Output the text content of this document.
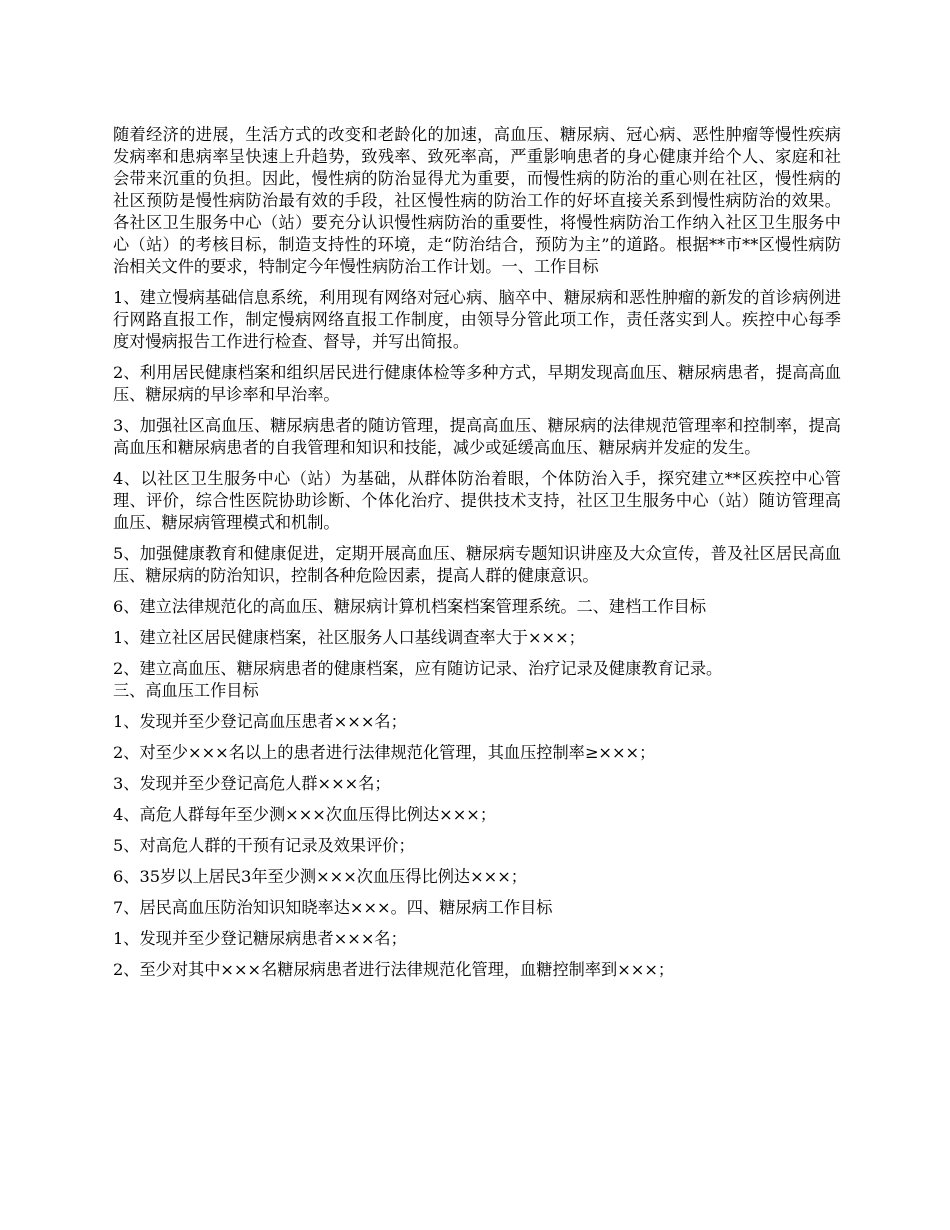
随着经济的进展，生活方式的改变和老龄化的加速，高血压、糖尿病、冠心病、恶性肿瘤等慢性疾病发病率和患病率呈快速上升趋势，致残率、致死率高，严重影响患者的身心健康并给个人、家庭和社会带来沉重的负担。因此，慢性病的防治显得尤为重要，而慢性病的防治的重心则在社区，慢性病的社区预防是慢性病防治最有效的手段，社区慢性病的防治工作的好坏直接关系到慢性病防治的效果。各社区卫生服务中心（站）要充分认识慢性病防治的重要性，将慢性病防治工作纳入社区卫生服务中心（站）的考核目标，制造支持性的环境，走“防治结合，预防为主”的道路。根据**市**区慢性病防治相关文件的要求，特制定今年慢性病防治工作计划。一、工作目标

1、建立慢病基础信息系统，利用现有网络对冠心病、脑卒中、糖尿病和恶性肿瘤的新发的首诊病例进行网路直报工作，制定慢病网络直报工作制度，由领导分管此项工作，责任落实到人。疾控中心每季度对慢病报告工作进行检查、督导，并写出简报。

2、利用居民健康档案和组织居民进行健康体检等多种方式，早期发现高血压、糖尿病患者，提高高血压、糖尿病的早诊率和早治率。

3、加强社区高血压、糖尿病患者的随访管理，提高高血压、糖尿病的法律规范管理率和控制率，提高高血压和糖尿病患者的自我管理和知识和技能，减少或延缓高血压、糖尿病并发症的发生。

4、以社区卫生服务中心（站）为基础，从群体防治着眼，个体防治入手，探究建立**区疾控中心管理、评价，综合性医院协助诊断、个体化治疗、提供技术支持，社区卫生服务中心（站）随访管理高血压、糖尿病管理模式和机制。

5、加强健康教育和健康促进，定期开展高血压、糖尿病专题知识讲座及大众宣传，普及社区居民高血压、糖尿病的防治知识，控制各种危险因素，提高人群的健康意识。

6、建立法律规范化的高血压、糖尿病计算机档案档案管理系统。二、建档工作目标

1、建立社区居民健康档案，社区服务人口基线调查率大于×××；

2、建立高血压、糖尿病患者的健康档案，应有随访记录、治疗记录及健康教育记录。

三、高血压工作目标

1、发现并至少登记高血压患者×××名；

2、对至少×××名以上的患者进行法律规范化管理，其血压控制率≥×××；

3、发现并至少登记高危人群×××名；

4、高危人群每年至少测×××次血压得比例达×××；

5、对高危人群的干预有记录及效果评价；

6、35岁以上居民3年至少测×××次血压得比例达×××；

7、居民高血压防治知识知晓率达×××。四、糖尿病工作目标

1、发现并至少登记糖尿病患者×××名；

2、至少对其中×××名糖尿病患者进行法律规范化管理，血糖控制率到×××；
